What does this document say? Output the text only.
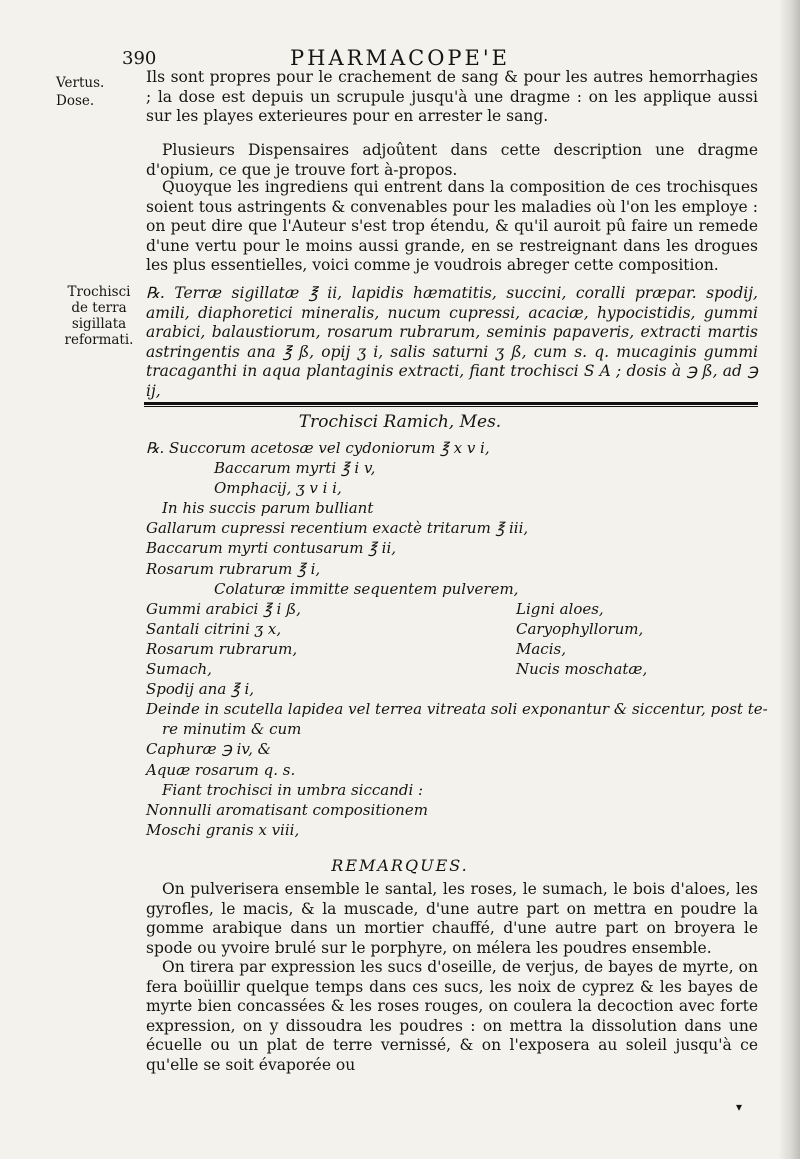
390	PHARMACOPE'E
Vertus.
Dose.
Trochisci de terra sigillata reformati.

Ils sont propres pour le crachement de sang & pour les autres hemorrhagies ; la dose est depuis un scrupule jusqu'à une dragme : on les applique aussi sur les playes exterieures pour en arrester le sang.

Plusieurs Dispensaires adjoûtent dans cette description une dragme d'opium, ce que je trouve fort à-propos.

Quoyque les ingrediens qui entrent dans la composition de ces trochisques soient tous astringents & convenables pour les maladies où l'on les employe : on peut dire que l'Auteur s'est trop étendu, & qu'il auroit pû faire un remede d'une vertu pour le moins aussi grande, en se restreignant dans les drogues les plus essentielles, voici comme je voudrois abreger cette composition.

℞. Terræ sigillatæ ℥ ii, lapidis hæmatitis, succini, coralli præpar. spodij, amili, diaphoretici mineralis, nucum cupressi, acaciæ, hypocistidis, gummi arabici, balaustiorum, rosarum rubrarum, seminis papaveris, extracti martis astringentis ana ℥ ß, opij ʒ i, salis saturni ʒ ß, cum s. q. mucaginis gummi tracaganthi in aqua plantaginis extracti, fiant trochisci S A ; dosis à ℈ ß, ad ℈ ij,

Trochisci Ramich, Mes.
℞. Succorum acetosæ vel cydoniorum ℥ x v i,
Baccarum myrti ℥ i v,
Omphacij, ʒ v i i,
In his succis parum bulliant
Gallarum cupressi recentium exactè tritarum ℥ iii,
Baccarum myrti contusarum ℥ ii,
Rosarum rubrarum ℥ i,
Colaturæ immitte sequentem pulverem,
Gummi arabici ℥ i ß,	Ligni aloes,
Santali citrini ʒ x,	Caryophyllorum,
Rosarum rubrarum,	Macis,
Sumach,	Nucis moschatæ,
Spodij ana ℥ i,
Deinde in scutella lapidea vel terrea vitreata soli exponantur & siccentur, post te-
re minutim & cum
Caphuræ ℈ iv, &
Aquæ rosarum q. s.
Fiant trochisci in umbra siccandi :
Nonnulli aromatisant compositionem
Moschi granis x viii,
REMARQUES.

On pulverisera ensemble le santal, les roses, le sumach, le bois d'aloes, les gyrofles, le macis, & la muscade, d'une autre part on mettra en poudre la gomme arabique dans un mortier chauffé, d'une autre part on broyera le spode ou yvoire brulé sur le porphyre, on mélera les poudres ensemble.

On tirera par expression les sucs d'oseille, de verjus, de bayes de myrte, on fera boüillir quelque temps dans ces sucs, les noix de cyprez & les bayes de myrte bien concassées & les roses rouges, on coulera la decoction avec forte expression, on y dissoudra les poudres : on mettra la dissolution dans une écuelle ou un plat de terre vernissé, & on l'exposera au soleil jusqu'à ce qu'elle se soit évaporée ou

▾
